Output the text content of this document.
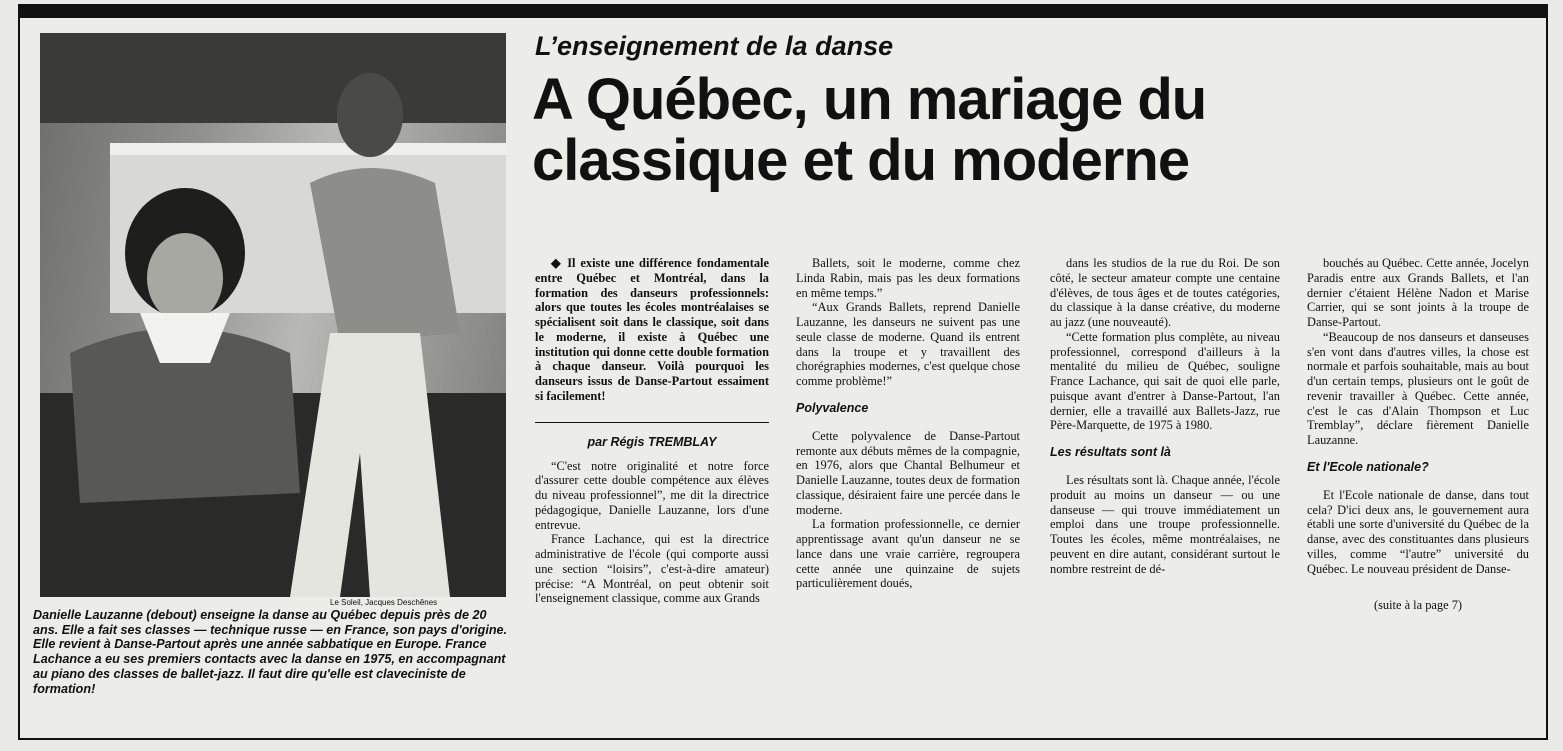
Le Soleil, Jacques Deschênes
Danielle Lauzanne (debout) enseigne la danse au Québec depuis près de 20 ans. Elle a fait ses classes — technique russe — en France, son pays d'origine. Elle revient à Danse-Partout après une année sabbatique en Europe. France Lachance a eu ses premiers contacts avec la danse en 1975, en accompagnant au piano des classes de ballet-jazz. Il faut dire qu'elle est claveciniste de formation!
L’enseignement de la danse
A Québec, un mariage du
classique et du moderne

◆ Il existe une différence fondamentale entre Québec et Montréal, dans la formation des danseurs professionnels: alors que toutes les écoles montréalaises se spécialisent soit dans le classique, soit dans le moderne, il existe à Québec une institution qui donne cette double formation à chaque danseur. Voilà pourquoi les danseurs issus de Danse-Partout essaiment si facilement!

par Régis TREMBLAY

“C'est notre originalité et notre force d'assurer cette double compétence aux élèves du niveau professionnel”, me dit la directrice pédagogique, Danielle Lauzanne, lors d'une entrevue.

France Lachance, qui est la directrice administrative de l'école (qui comporte aussi une section “loisirs”, c'est-à-dire amateur) précise: “A Montréal, on peut obtenir soit l'enseignement classique, comme aux Grands

Ballets, soit le moderne, comme chez Linda Rabin, mais pas les deux formations en même temps.”

“Aux Grands Ballets, reprend Danielle Lauzanne, les danseurs ne suivent pas une seule classe de moderne. Quand ils entrent dans la troupe et y travaillent des chorégraphies modernes, c'est quelque chose comme problème!”

Polyvalence

Cette polyvalence de Danse-Partout remonte aux débuts mêmes de la compagnie, en 1976, alors que Chantal Belhumeur et Danielle Lauzanne, toutes deux de formation classique, désiraient faire une percée dans le moderne.

La formation professionnelle, ce dernier apprentissage avant qu'un danseur ne se lance dans une vraie carrière, regroupera cette année une quinzaine de sujets particulièrement doués,

dans les studios de la rue du Roi. De son côté, le secteur amateur compte une centaine d'élèves, de tous âges et de toutes catégories, du classique à la danse créative, du moderne au jazz (une nouveauté).

“Cette formation plus complète, au niveau professionnel, correspond d'ailleurs à la mentalité du milieu de Québec, souligne France Lachance, qui sait de quoi elle parle, puisque avant d'entrer à Danse-Partout, l'an dernier, elle a travaillé aux Ballets-Jazz, rue Père-Marquette, de 1975 à 1980.

Les résultats sont là

Les résultats sont là. Chaque année, l'école produit au moins un danseur — ou une danseuse — qui trouve immédiatement un emploi dans une troupe professionnelle. Toutes les écoles, même montréalaises, ne peuvent en dire autant, considérant surtout le nombre restreint de dé-

bouchés au Québec. Cette année, Jocelyn Paradis entre aux Grands Ballets, et l'an dernier c'étaient Hélène Nadon et Marise Carrier, qui se sont joints à la troupe de Danse-Partout.

“Beaucoup de nos danseurs et danseuses s'en vont dans d'autres villes, la chose est normale et parfois souhaitable, mais au bout d'un certain temps, plusieurs ont le goût de revenir travailler à Québec. Cette année, c'est le cas d'Alain Thompson et Luc Tremblay”, déclare fièrement Danielle Lauzanne.

Et l'Ecole nationale?

Et l'Ecole nationale de danse, dans tout cela? D'ici deux ans, le gouvernement aura établi une sorte d'université du Québec de la danse, avec des constituantes dans plusieurs villes, comme “l'autre” université du Québec. Le nouveau président de Danse-

(suite à la page 7)
